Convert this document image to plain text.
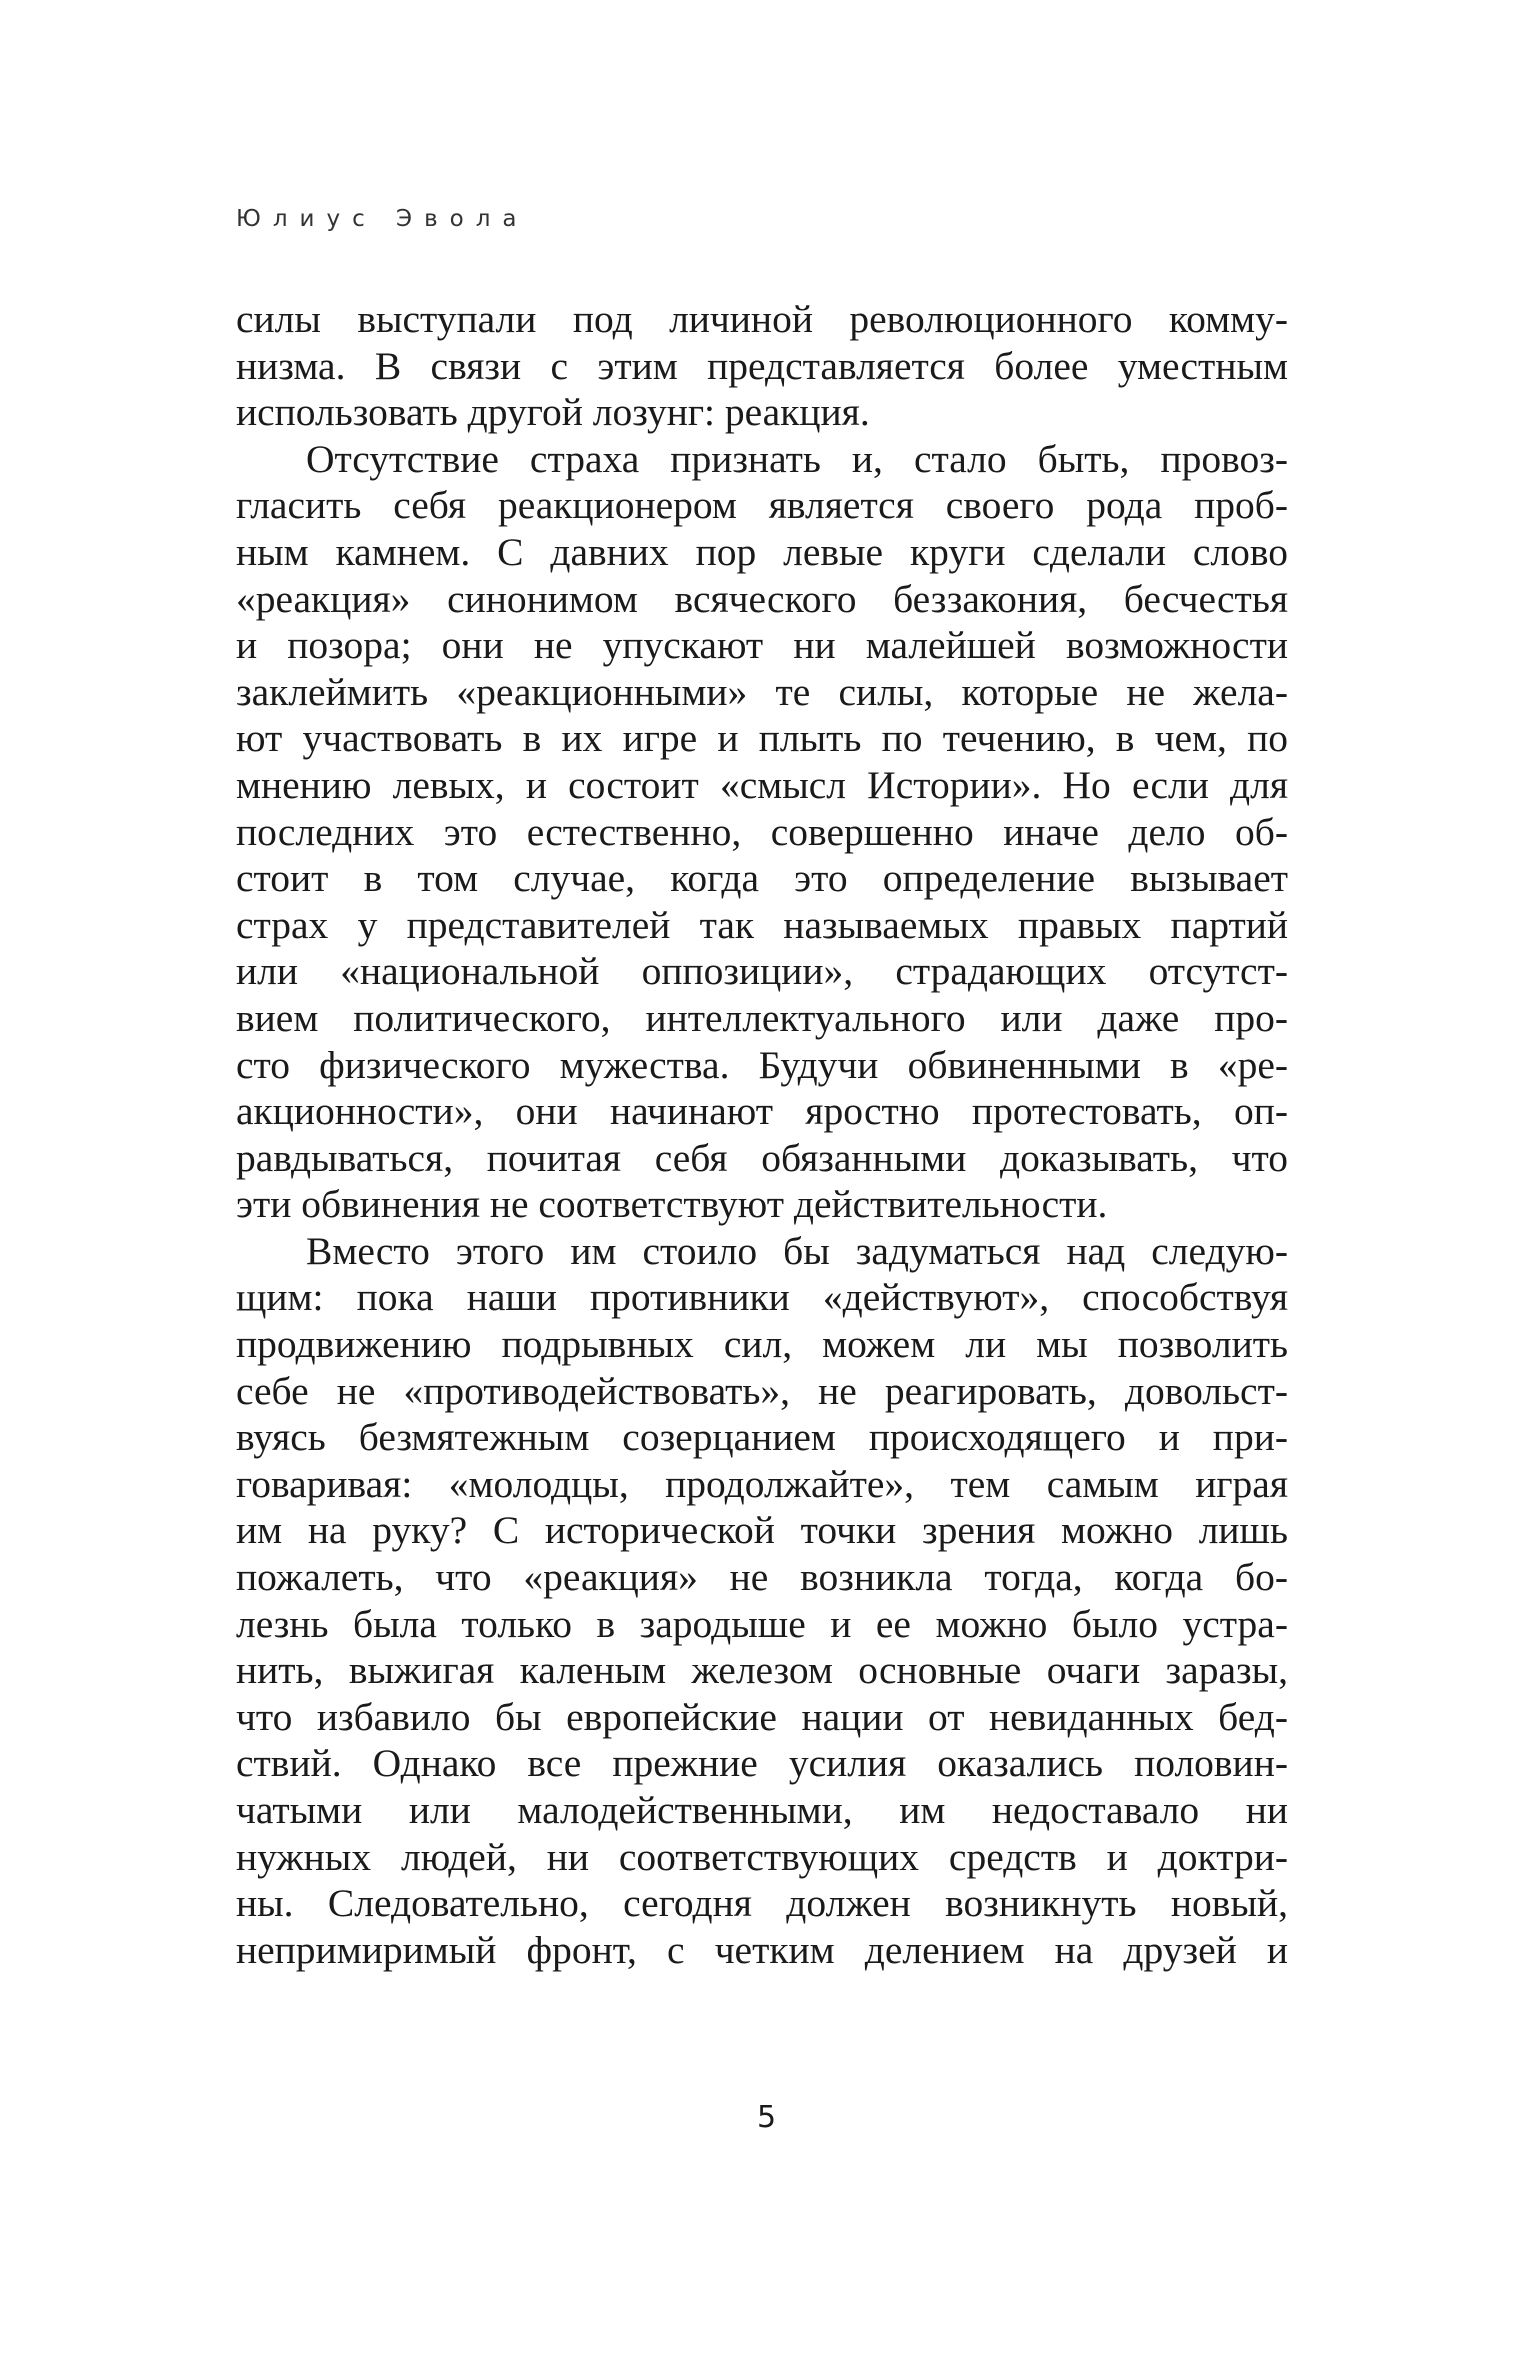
Юлиус Эвола
силы выступали под личиной революционного комму-
низма. В связи с этим представляется более уместным
использовать другой лозунг: реакция.
Отсутствие страха признать и, стало быть, провоз-
гласить себя реакционером является своего рода проб-
ным камнем. С давних пор левые круги сделали слово
«реакция» синонимом всяческого беззакония, бесчестья
и позора; они не упускают ни малейшей возможности
заклеймить «реакционными» те силы, которые не жела-
ют участвовать в их игре и плыть по течению, в чем, по
мнению левых, и состоит «смысл Истории». Но если для
последних это естественно, совершенно иначе дело об-
стоит в том случае, когда это определение вызывает
страх у представителей так называемых правых партий
или «национальной оппозиции», страдающих отсутст-
вием политического, интеллектуального или даже про-
сто физического мужества. Будучи обвиненными в «ре-
акционности», они начинают яростно протестовать, оп-
равдываться, почитая себя обязанными доказывать, что
эти обвинения не соответствуют действительности.
Вместо этого им стоило бы задуматься над следую-
щим: пока наши противники «действуют», способствуя
продвижению подрывных сил, можем ли мы позволить
себе не «противодействовать», не реагировать, довольст-
вуясь безмятежным созерцанием происходящего и при-
говаривая: «молодцы, продолжайте», тем самым играя
им на руку? С исторической точки зрения можно лишь
пожалеть, что «реакция» не возникла тогда, когда бо-
лезнь была только в зародыше и ее можно было устра-
нить, выжигая каленым железом основные очаги заразы,
что избавило бы европейские нации от невиданных бед-
ствий. Однако все прежние усилия оказались половин-
чатыми или малодейственными, им недоставало ни
нужных людей, ни соответствующих средств и доктри-
ны. Следовательно, сегодня должен возникнуть новый,
непримиримый фронт, с четким делением на друзей и
5
